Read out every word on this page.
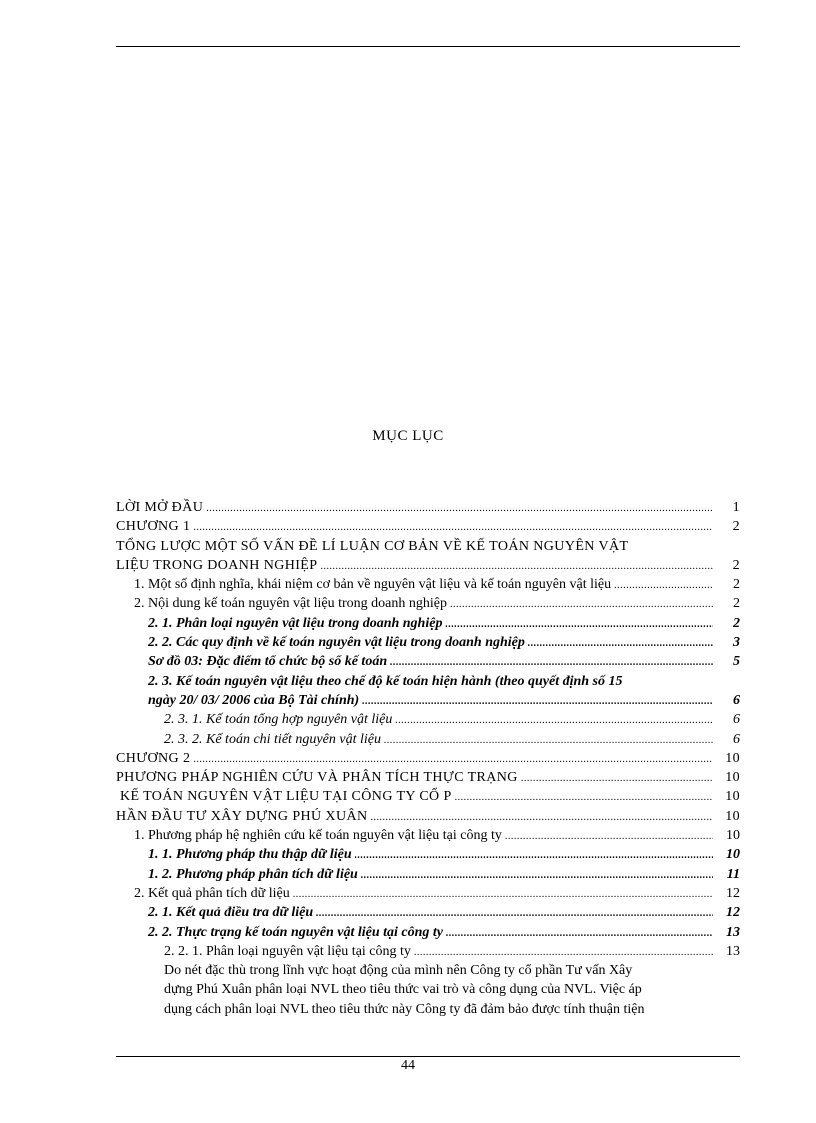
MỤC LỤC
LỜI MỞ ĐẦU .....	1
CHƯƠNG 1 .....	2
TỔNG LƯỢC MỘT SỐ VẤN ĐỀ LÍ LUẬN CƠ BẢN VỀ KẾ TOÁN NGUYÊN VẬT
LIỆU TRONG DOANH NGHIỆP .....	2
1. Một số định nghĩa, khái niệm cơ bản về nguyên vật liệu và kế toán nguyên vật liệu .....	2
2. Nội dung kế toán nguyên vật liệu trong doanh nghiệp .....	2
2. 1. Phân loại nguyên vật liệu trong doanh nghiệp .....	2
2. 2. Các quy định về kế toán nguyên vật liệu trong doanh nghiệp .....	3
Sơ đồ 03: Đặc điểm tổ chức bộ sổ kế toán .....	5
2. 3. Kế toán nguyên vật liệu theo chế độ kế toán hiện hành (theo quyết định số 15
ngày 20/ 03/ 2006 của Bộ Tài chính) .....	6
2. 3. 1. Kế toán tổng hợp nguyên vật liệu .....	6
2. 3. 2. Kế toán chi tiết nguyên vật liệu .....	6
CHƯƠNG 2 .....	10
PHƯƠNG PHÁP NGHIÊN CỨU VÀ PHÂN TÍCH THỰC TRẠNG .....	10
KẾ TOÁN NGUYÊN VẬT LIỆU TẠI CÔNG TY CỔ P .....	10
HẦN ĐẦU TƯ XÂY DỰNG PHÚ XUÂN .....	10
1. Phương pháp hệ nghiên cứu kế toán nguyên vật liệu tại công ty .....	10
1. 1. Phương pháp thu thập dữ liệu .....	10
1. 2. Phương pháp phân tích dữ liệu .....	11
2. Kết quả phân tích dữ liệu .....	12
2. 1. Kết quả điều tra dữ liệu .....	12
2. 2. Thực trạng kế toán nguyên vật liệu tại công ty .....	13
2. 2. 1. Phân loại nguyên vật liệu tại công ty .....	13
Do nét đặc thù trong lĩnh vực hoạt động của mình nên Công ty cổ phần Tư vấn Xây
dựng Phú Xuân phân loại NVL theo tiêu thức vai trò và công dụng của NVL. Việc áp
dụng cách phân loại NVL theo tiêu thức này Công ty đã đảm bảo được tính thuận tiện
44
